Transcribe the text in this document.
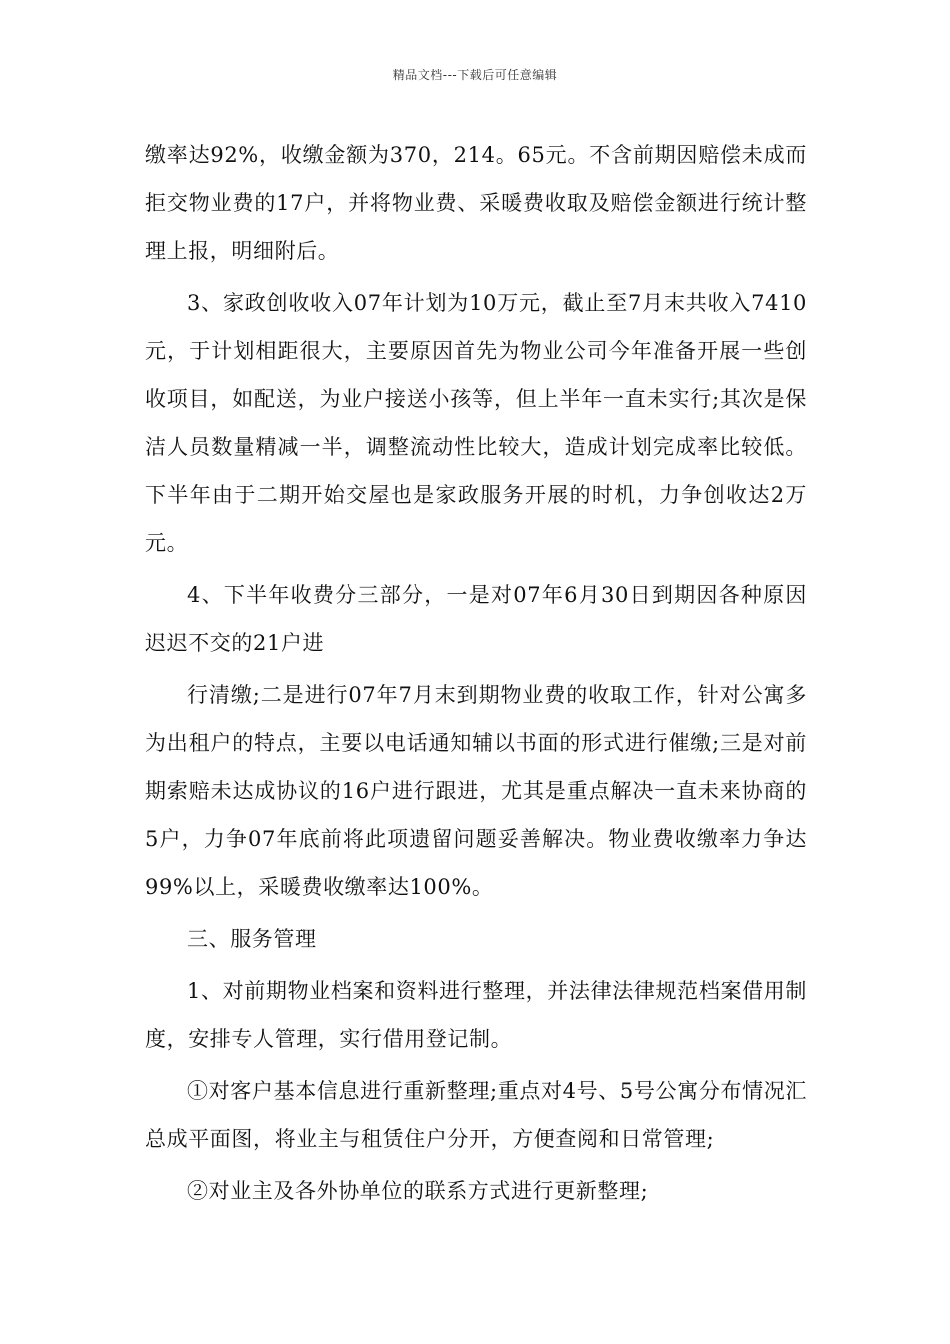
精品文档---下载后可任意编辑

缴率达92%，收缴金额为370，214。65元。不含前期因赔偿未成而拒交物业费的17户，并将物业费、采暖费收取及赔偿金额进行统计整理上报，明细附后。

3、家政创收收入07年计划为10万元，截止至7月末共收入7410元，于计划相距很大，主要原因首先为物业公司今年准备开展一些创收项目，如配送，为业户接送小孩等，但上半年一直未实行;其次是保洁人员数量精减一半，调整流动性比较大，造成计划完成率比较低。下半年由于二期开始交屋也是家政服务开展的时机，力争创收达2万元。

4、下半年收费分三部分，一是对07年6月30日到期因各种原因迟迟不交的21户进

行清缴;二是进行07年7月末到期物业费的收取工作，针对公寓多为出租户的特点，主要以电话通知辅以书面的形式进行催缴;三是对前期索赔未达成协议的16户进行跟进，尤其是重点解决一直未来协商的5户，力争07年底前将此项遗留问题妥善解决。物业费收缴率力争达99%以上，采暖费收缴率达100%。

三、服务管理

1、对前期物业档案和资料进行整理，并法律法律规范档案借用制度，安排专人管理，实行借用登记制。

①对客户基本信息进行重新整理;重点对4号、5号公寓分布情况汇总成平面图，将业主与租赁住户分开，方便查阅和日常管理;

②对业主及各外协单位的联系方式进行更新整理;
